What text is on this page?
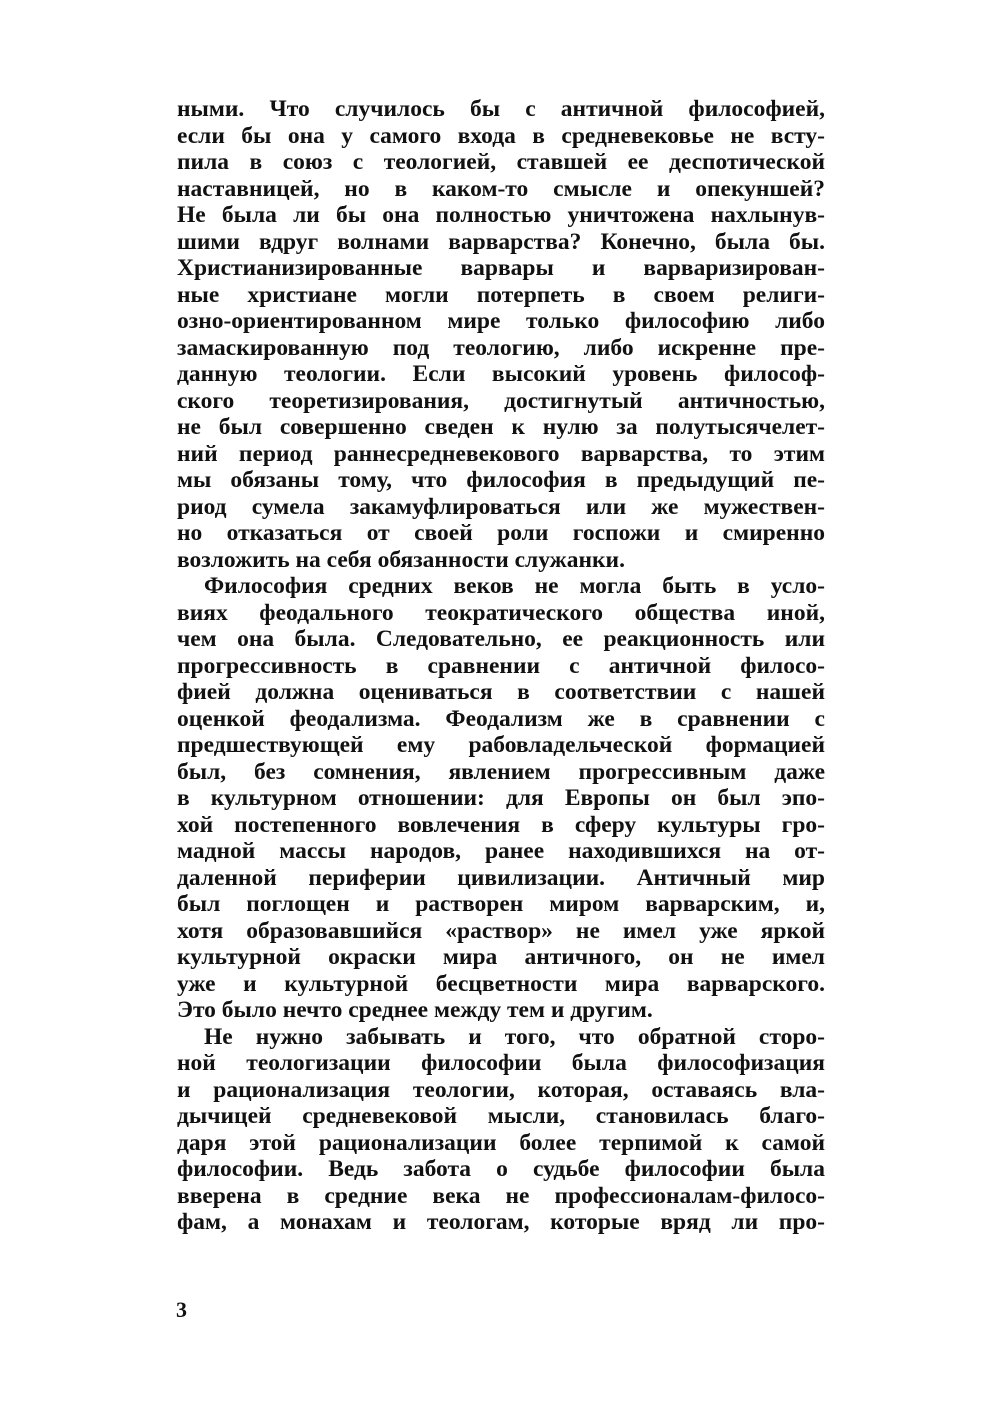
ными. Что случилось бы с античной философией,
если бы она у самого входа в средневековье не всту-
пила в союз с теологией, ставшей ее деспотической
наставницей, но в каком-то смысле и опекуншей?
Не была ли бы она полностью уничтожена нахлынув-
шими вдруг волнами варварства? Конечно, была бы.
Христианизированные варвары и варваризирован-
ные христиане могли потерпеть в своем религи-
озно-ориентированном мире только философию либо
замаскированную под теологию, либо искренне пре-
данную теологии. Если высокий уровень философ-
ского теоретизирования, достигнутый античностью,
не был совершенно сведен к нулю за полутысячелет-
ний период раннесредневекового варварства, то этим
мы обязаны тому, что философия в предыдущий пе-
риод сумела закамуфлироваться или же мужествен-
но отказаться от своей роли госпожи и смиренно
возложить на себя обязанности служанки.
Философия средних веков не могла быть в усло-
виях феодального теократического общества иной,
чем она была. Следовательно, ее реакционность или
прогрессивность в сравнении с античной филосо-
фией должна оцениваться в соответствии с нашей
оценкой феодализма. Феодализм же в сравнении с
предшествующей ему рабовладельческой формацией
был, без сомнения, явлением прогрессивным даже
в культурном отношении: для Европы он был эпо-
хой постепенного вовлечения в сферу культуры гро-
мадной массы народов, ранее находившихся на от-
даленной периферии цивилизации. Античный мир
был поглощен и растворен миром варварским, и,
хотя образовавшийся «раствор» не имел уже яркой
культурной окраски мира античного, он не имел
уже и культурной бесцветности мира варварского.
Это было нечто среднее между тем и другим.
Не нужно забывать и того, что обратной сторо-
ной теологизации философии была философизация
и рационализация теологии, которая, оставаясь вла-
дычицей средневековой мысли, становилась благо-
даря этой рационализации более терпимой к самой
философии. Ведь забота о судьбе философии была
вверена в средние века не профессионалам-филосо-
фам, а монахам и теологам, которые вряд ли про-
3
